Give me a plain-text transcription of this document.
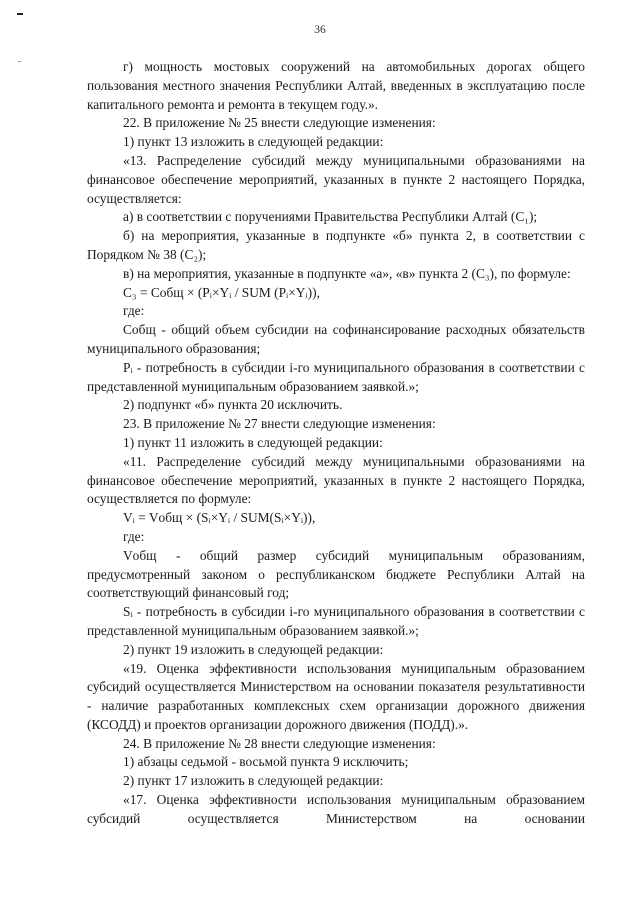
36

г) мощность мостовых сооружений на автомобильных дорогах общего пользования местного значения Республики Алтай, введенных в эксплуатацию после капитального ремонта и ремонта в текущем году.».

22. В приложение № 25 внести следующие изменения:

1) пункт 13 изложить в следующей редакции:

«13. Распределение субсидий между муниципальными образованиями на финансовое обеспечение мероприятий, указанных в пункте 2 настоящего Порядка, осуществляется:

а) в соответствии с поручениями Правительства Республики Алтай (C₁);

б) на мероприятия, указанные в подпункте «б» пункта 2, в соответствии с Порядком № 38 (C₂);

в) на мероприятия, указанные в подпункте «а», «в» пункта 2 (C₃), по формуле:

C₃ = Cобщ × (Pᵢ×Yᵢ / SUM (Pᵢ×Yᵢ)),

где:

Cобщ - общий объем субсидии на софинансирование расходных обязательств муниципального образования;

Pᵢ - потребность в субсидии i-го муниципального образования в соответствии с представленной муниципальным образованием заявкой.»;

2) подпункт «б» пункта 20 исключить.

23. В приложение № 27 внести следующие изменения:

1) пункт 11 изложить в следующей редакции:

«11. Распределение субсидий между муниципальными образованиями на финансовое обеспечение мероприятий, указанных в пункте 2 настоящего Порядка, осуществляется по формуле:

Vᵢ = Vобщ × (Sᵢ×Yᵢ / SUM(Sᵢ×Yᵢ)),

где:

Vобщ - общий размер субсидий муниципальным образованиям, предусмотренный законом о республиканском бюджете Республики Алтай на соответствующий финансовый год;

Sᵢ - потребность в субсидии i-го муниципального образования в соответствии с представленной муниципальным образованием заявкой.»;

2) пункт 19 изложить в следующей редакции:

«19. Оценка эффективности использования муниципальным образованием субсидий осуществляется Министерством на основании показателя результативности - наличие разработанных комплексных схем организации дорожного движения (КСОДД) и проектов организации дорожного движения (ПОДД).».

24. В приложение № 28 внести следующие изменения:

1) абзацы седьмой - восьмой пункта 9 исключить;

2) пункт 17 изложить в следующей редакции:

«17. Оценка эффективности использования муниципальным образованием субсидий осуществляется Министерством на основании
